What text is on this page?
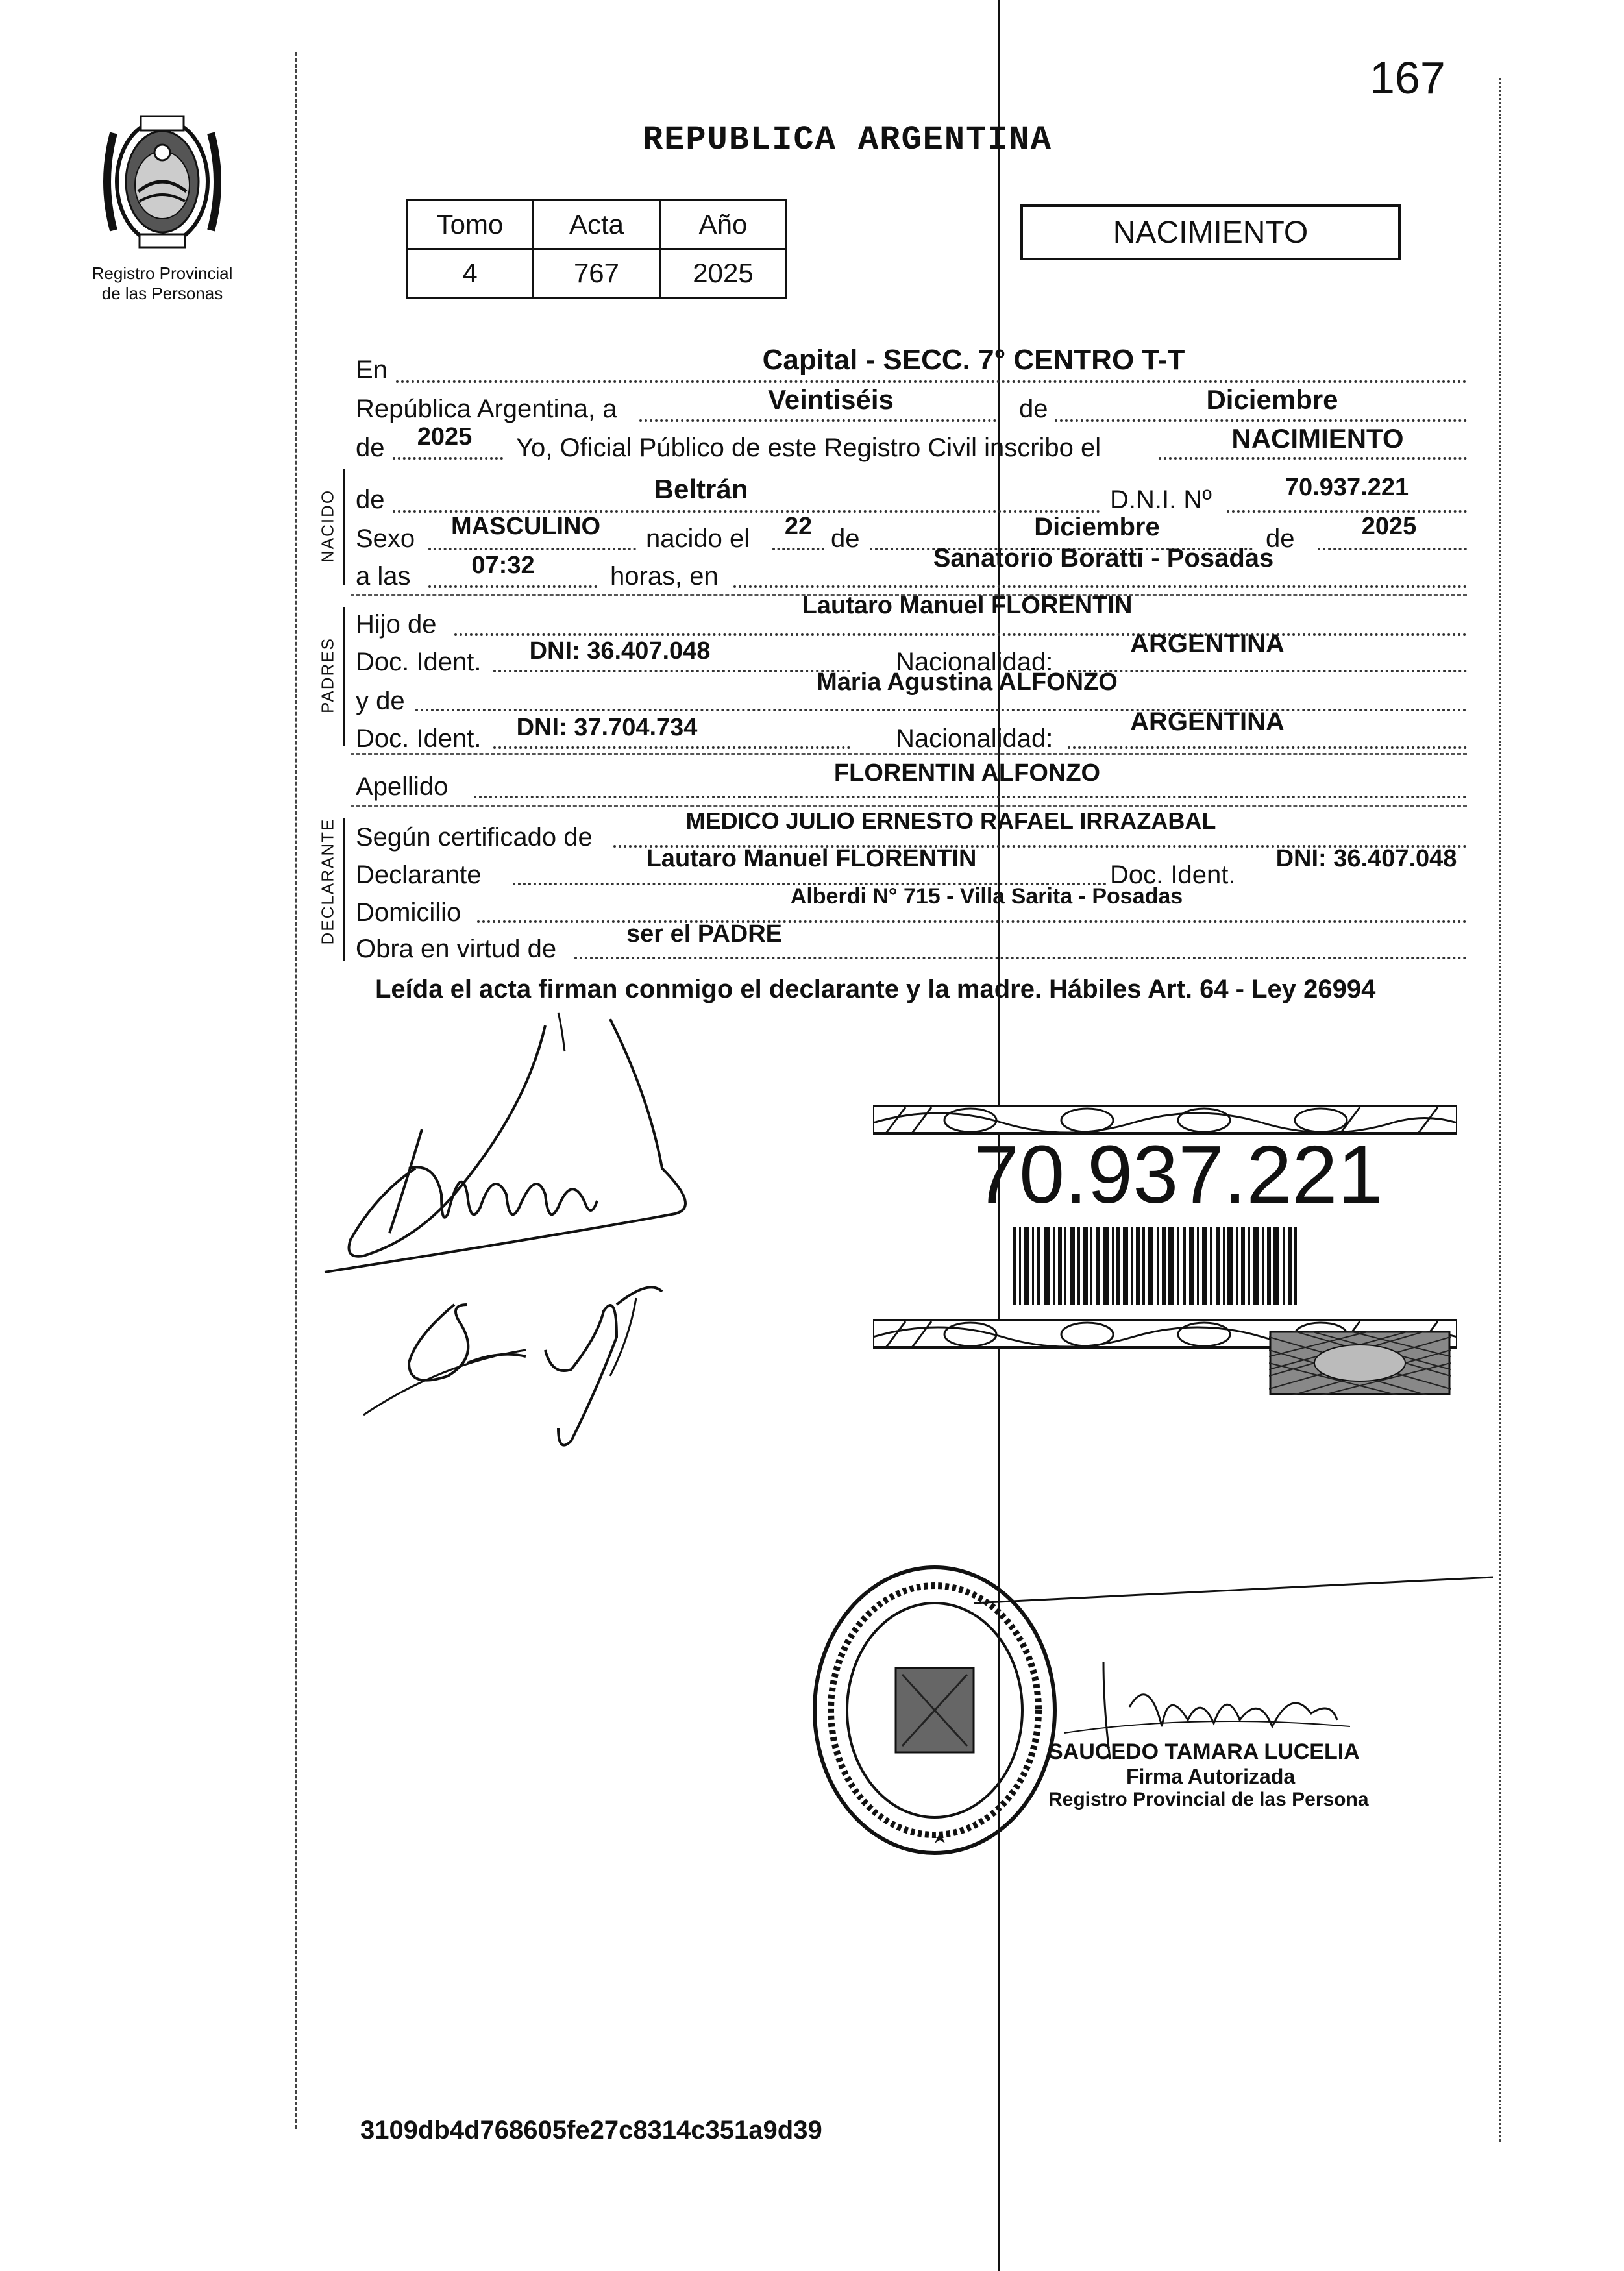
167
Registro Provincial
de las Personas
REPUBLICA ARGENTINA
Tomo	Acta	Año
4	767	2025
NACIMIENTO
En	Capital - SECC. 7° CENTRO T-T
República Argentina, a	Veintiséis	de	Diciembre
de	2025	Yo, Oficial Público de este Registro Civil inscribo el	NACIMIENTO
NACIDO de	Beltrán	D.N.I. Nº	70.937.221
Sexo	MASCULINO	nacido el	22 de	Diciembre	de	2025
a las	07:32	horas, en
Sanatorio Boratti - Posadas
PADRES
Hijo de
Lautaro Manuel FLORENTIN
Doc. Ident.	DNI: 36.407.048	Nacionalidad:
ARGENTINA
y de
Maria Agustina ALFONZO
Doc. Ident.	DNI: 37.704.734	Nacionalidad:
ARGENTINA
Apellido	FLORENTIN ALFONZO
DECLARANTE Según certificado de
MEDICO JULIO ERNESTO RAFAEL IRRAZABAL
Declarante
Lautaro Manuel FLORENTIN
Doc. Ident.
DNI: 36.407.048
Domicilio
Alberdi N° 715 - Villa Sarita - Posadas
Obra en virtud de
ser el PADRE
Leída el acta firman conmigo el declarante y la madre. Hábiles Art. 64 - Ley 26994
70.937.221
SAUCEDO TAMARA LUCELIA
Firma Autorizada
Registro Provincial de las Persona
3109db4d768605fe27c8314c351a9d39
